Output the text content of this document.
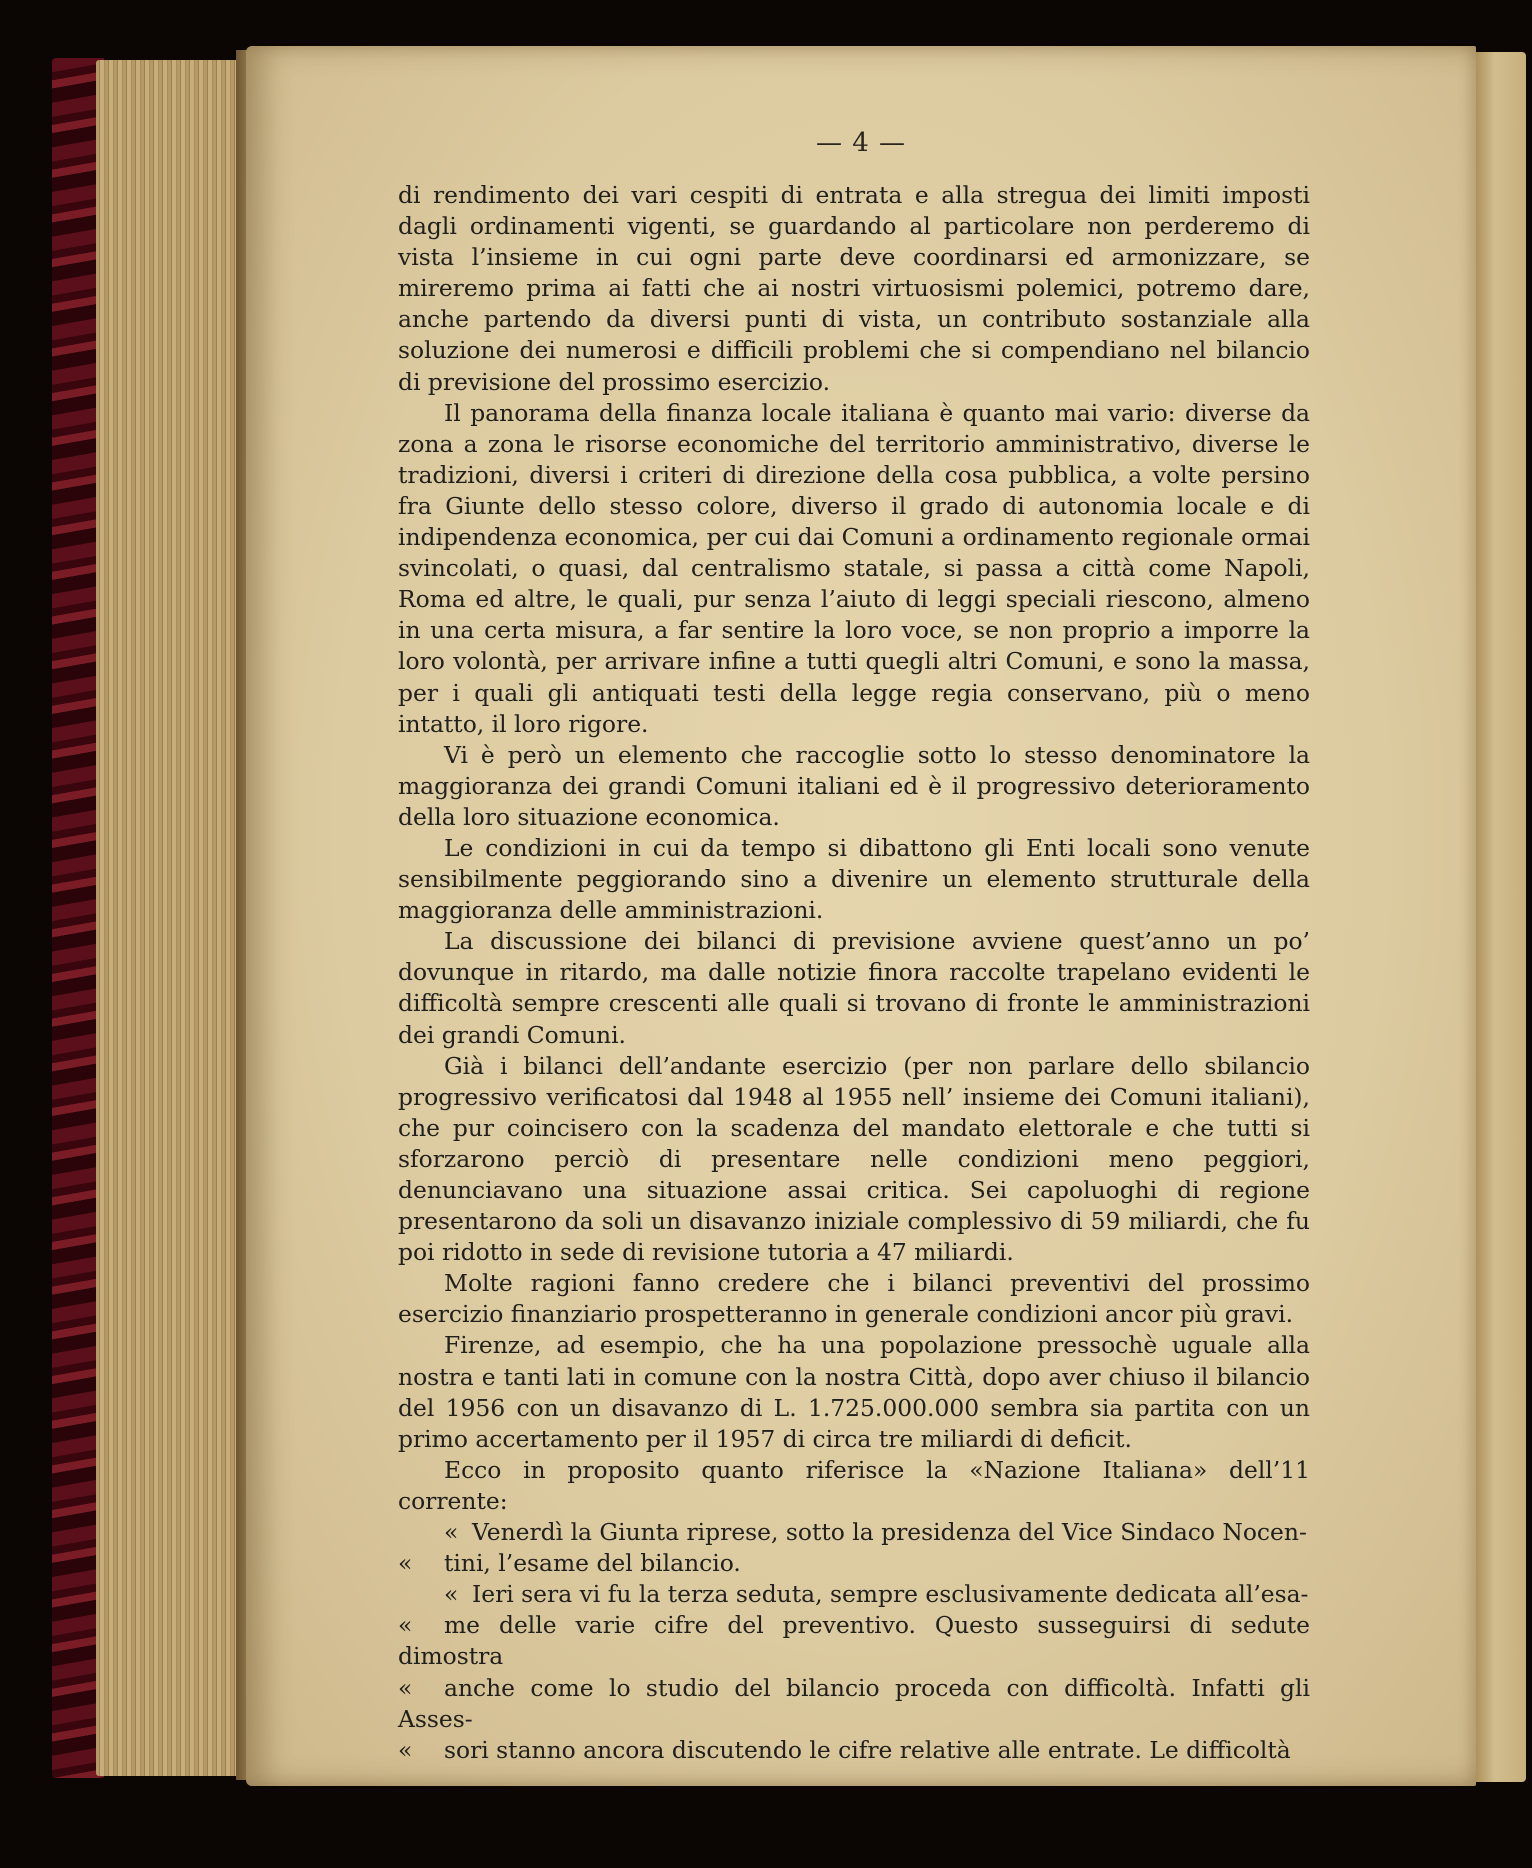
— 4 —

di rendimento dei vari cespiti di entrata e alla stregua dei limiti imposti dagli ordinamenti vigenti, se guardando al particolare non perderemo di vista l’insieme in cui ogni parte deve coordinarsi ed armonizzare, se mireremo prima ai fatti che ai nostri virtuosismi polemici, potremo dare, anche partendo da diversi punti di vista, un contributo sostanziale alla soluzione dei numerosi e difficili problemi che si compendiano nel bilancio di previsione del prossimo esercizio.

Il panorama della finanza locale italiana è quanto mai vario: diverse da zona a zona le risorse economiche del territorio amministrativo, diverse le tradizioni, diversi i criteri di direzione della cosa pubblica, a volte persino fra Giunte dello stesso colore, diverso il grado di autonomia locale e di indipendenza economica, per cui dai Comuni a ordinamento regionale ormai svincolati, o quasi, dal centralismo statale, si passa a città come Napoli, Roma ed altre, le quali, pur senza l’aiuto di leggi speciali riescono, almeno in una certa misura, a far sentire la loro voce, se non proprio a imporre la loro volontà, per arrivare infine a tutti quegli altri Comuni, e sono la massa, per i quali gli antiquati testi della legge regia conservano, più o meno intatto, il loro rigore.

Vi è però un elemento che raccoglie sotto lo stesso denominatore la maggioranza dei grandi Comuni italiani ed è il progressivo deterioramento della loro situazione economica.

Le condizioni in cui da tempo si dibattono gli Enti locali sono venute sensibilmente peggiorando sino a divenire un elemento strutturale della maggioranza delle amministrazioni.

La discussione dei bilanci di previsione avviene quest’anno un po’ dovunque in ritardo, ma dalle notizie finora raccolte trapelano evidenti le difficoltà sempre crescenti alle quali si trovano di fronte le amministrazioni dei grandi Comuni.

Già i bilanci dell’andante esercizio (per non parlare dello sbilancio progressivo verificatosi dal 1948 al 1955 nell’ insieme dei Comuni italiani), che pur coincisero con la scadenza del mandato elettorale e che tutti si sforzarono perciò di presentare nelle condizioni meno peggiori, denunciavano una situazione assai critica. Sei capoluoghi di regione presentarono da soli un disavanzo iniziale complessivo di 59 miliardi, che fu poi ridotto in sede di revisione tutoria a 47 miliardi.

Molte ragioni fanno credere che i bilanci preventivi del prossimo esercizio finanziario prospetteranno in generale condizioni ancor più gravi.

Firenze, ad esempio, che ha una popolazione pressochè uguale alla nostra e tanti lati in comune con la nostra Città, dopo aver chiuso il bilancio del 1956 con un disavanzo di L. 1.725.000.000 sembra sia partita con un primo accertamento per il 1957 di circa tre miliardi di deficit.

Ecco in proposito quanto riferisce la «Nazione Italiana» dell’11 corrente:

« Venerdì la Giunta riprese, sotto la presidenza del Vice Sindaco Nocen-

« tini, l’esame del bilancio.

« Ieri sera vi fu la terza seduta, sempre esclusivamente dedicata all’esa-

« me delle varie cifre del preventivo. Questo susseguirsi di sedute dimostra

« anche come lo studio del bilancio proceda con difficoltà. Infatti gli Asses-

« sori stanno ancora discutendo le cifre relative alle entrate. Le difficoltà
